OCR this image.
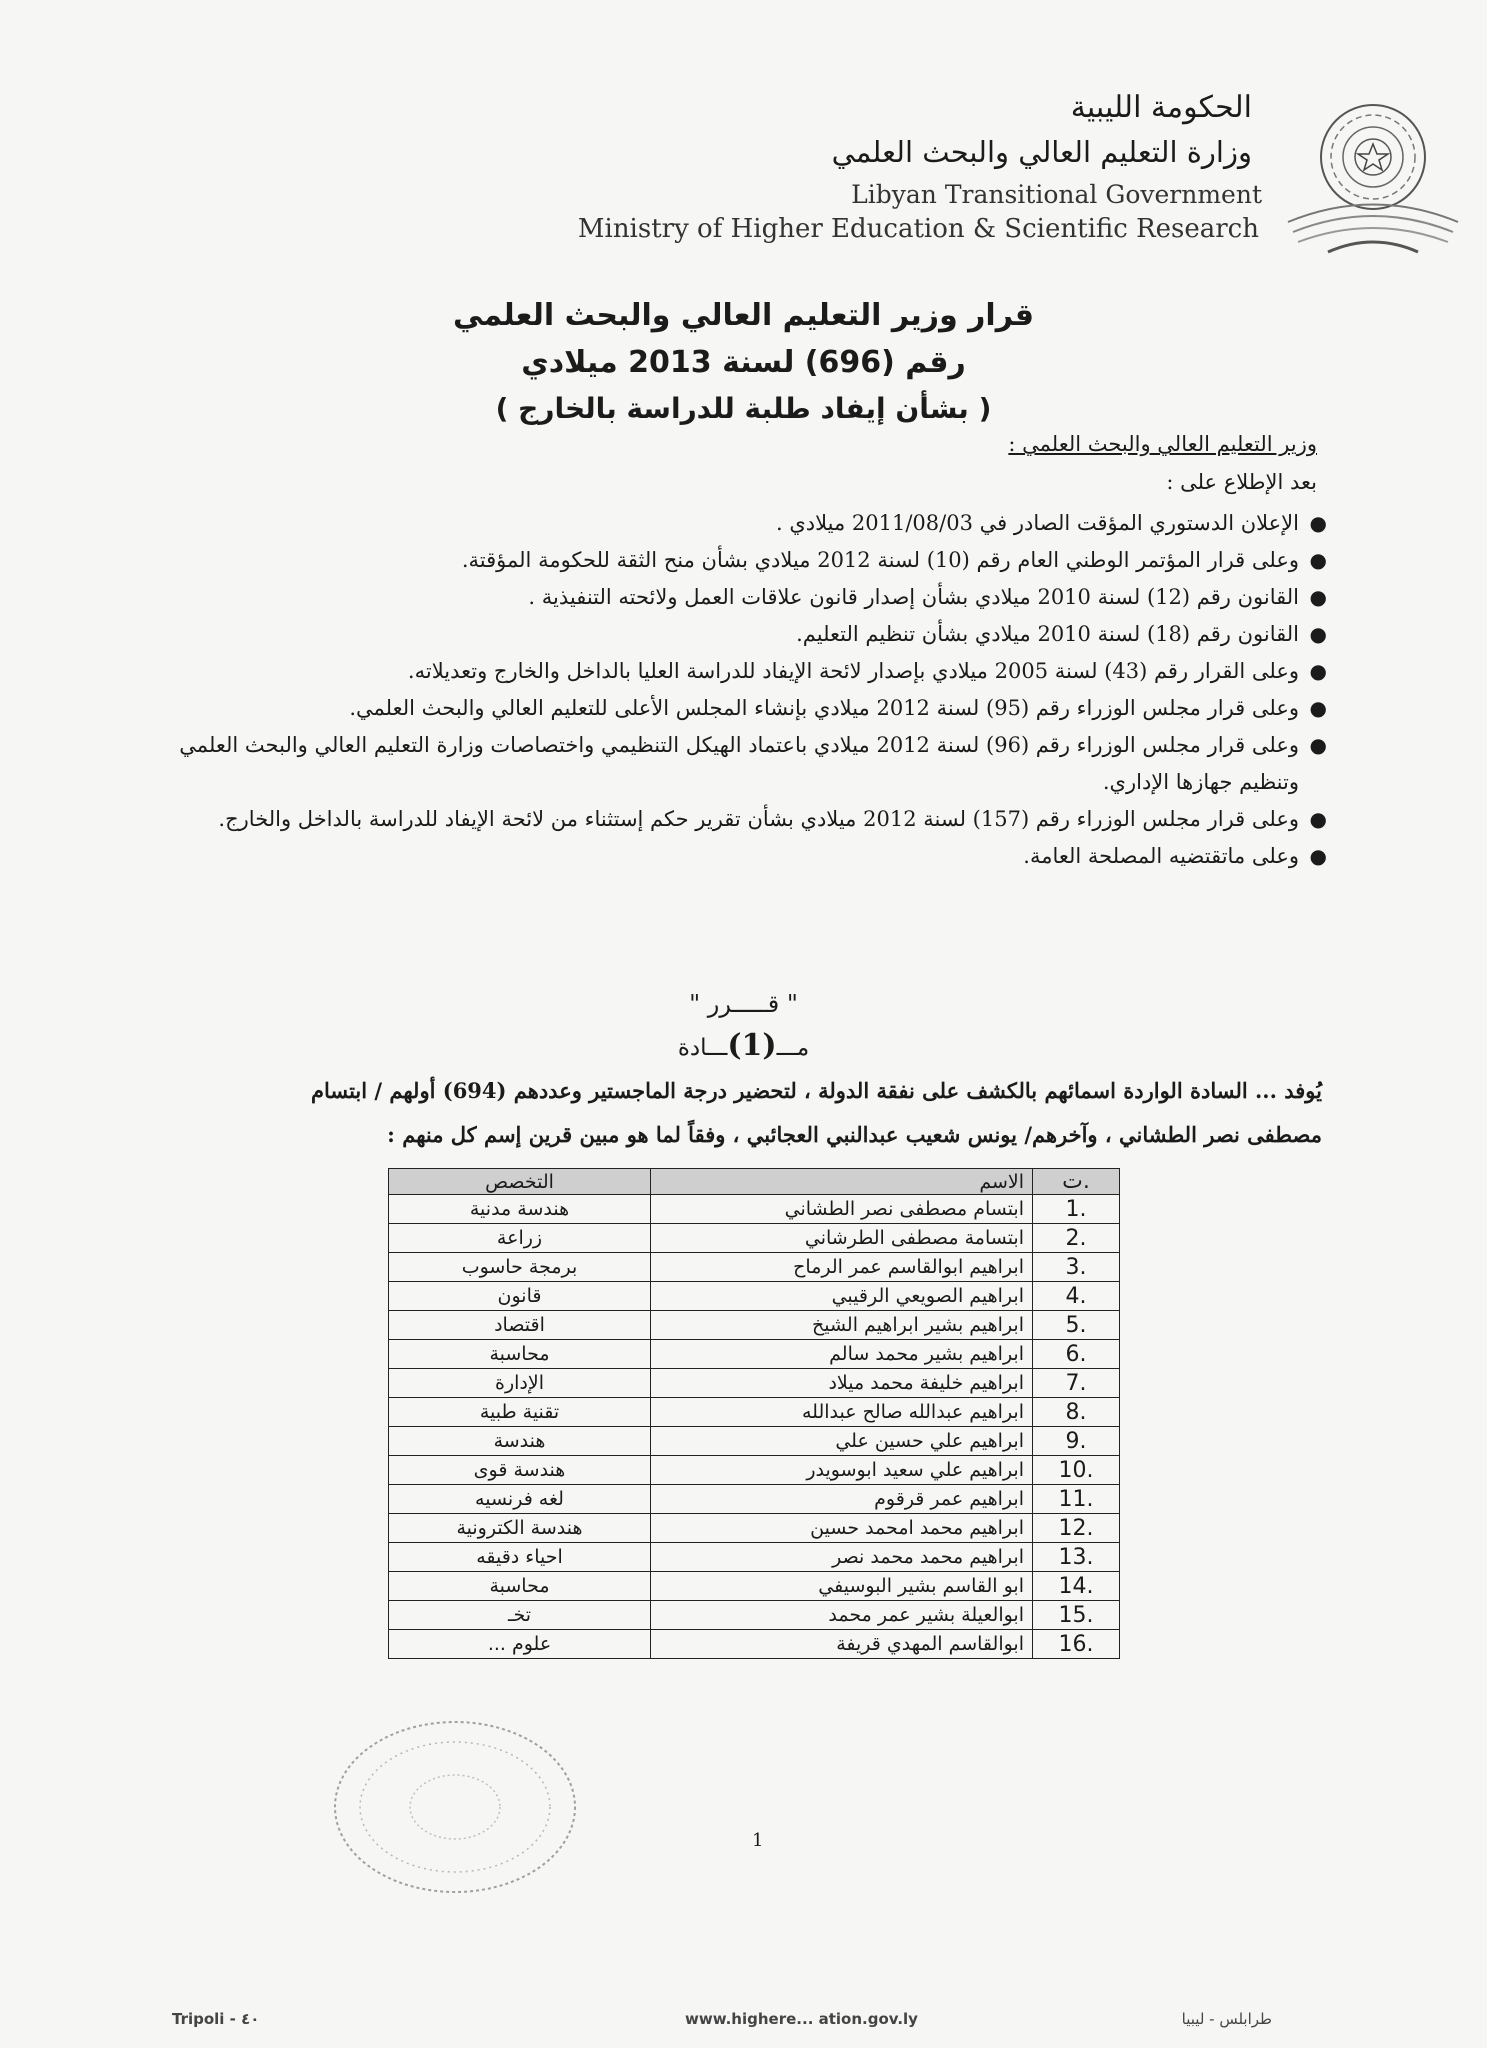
الحكومة الليبية
وزارة التعليم العالي والبحث العلمي
Libyan Transitional Government
Ministry of Higher Education & Scientific Research
قرار وزير التعليم العالي والبحث العلمي
رقم (696) لسنة 2013 ميلادي
( بشأن إيفاد طلبة للدراسة بالخارج )
وزير التعليم العالي والبحث العلمي :
بعد الإطلاع على :
●
الإعلان الدستوري المؤقت الصادر في 2011/08/03 ميلادي .
●
وعلى قرار المؤتمر الوطني العام رقم (10) لسنة 2012 ميلادي بشأن منح الثقة للحكومة المؤقتة.
●
القانون رقم (12) لسنة 2010 ميلادي بشأن إصدار قانون علاقات العمل ولائحته التنفيذية .
●
القانون رقم (18) لسنة 2010 ميلادي بشأن تنظيم التعليم.
●
وعلى القرار رقم (43) لسنة 2005 ميلادي بإصدار لائحة الإيفاد للدراسة العليا بالداخل والخارج وتعديلاته.
●
وعلى قرار مجلس الوزراء رقم (95) لسنة 2012 ميلادي بإنشاء المجلس الأعلى للتعليم العالي والبحث العلمي.
●
وعلى قرار مجلس الوزراء رقم (96) لسنة 2012 ميلادي باعتماد الهيكل التنظيمي واختصاصات وزارة التعليم العالي والبحث العلمي وتنظيم جهازها الإداري.
●
وعلى قرار مجلس الوزراء رقم (157) لسنة 2012 ميلادي بشأن تقرير حكم إستثناء من لائحة الإيفاد للدراسة بالداخل والخارج.
●
وعلى ماتقتضيه المصلحة العامة.
" قـــــرر "
مـــ(1)ـــادة
يُوفد ... السادة الواردة اسمائهم بالكشف على نفقة الدولة ، لتحضير درجة الماجستير وعددهم (694) أولهم / ابتسام
مصطفى نصر الطشاني ، وآخرهم/ يونس شعيب عبدالنبي العجائبي ، وفقاً لما هو مبين قرين إسم كل منهم :
ت.	الاسم	التخصص
1.	ابتسام مصطفى نصر الطشاني	هندسة مدنية
2.	ابتسامة مصطفى الطرشاني	زراعة
3.	ابراهيم ابوالقاسم عمر الرماح	برمجة حاسوب
4.	ابراهيم الصويعي الرقيبي	قانون
5.	ابراهيم بشير ابراهيم الشيخ	اقتصاد
6.	ابراهيم بشير محمد سالم	محاسبة
7.	ابراهيم خليفة محمد ميلاد	الإدارة
8.	ابراهيم عبدالله صالح عبدالله	تقنية طبية
9.	ابراهيم علي حسين علي	هندسة
10.	ابراهيم علي سعيد ابوسويدر	هندسة قوى
11.	ابراهيم عمر قرقوم	لغه فرنسيه
12.	ابراهيم محمد امحمد حسين	هندسة الكترونية
13.	ابراهيم محمد محمد نصر	احياء دقيقه
14.	ابو القاسم بشير البوسيفي	محاسبة
15.	ابوالعيلة بشير عمر محمد	تخـ
16.	ابوالقاسم المهدي قريفة	علوم ...
1
Tripoli - ٤٠	www.highere... ation.gov.ly	طرابلس - ليبيا
